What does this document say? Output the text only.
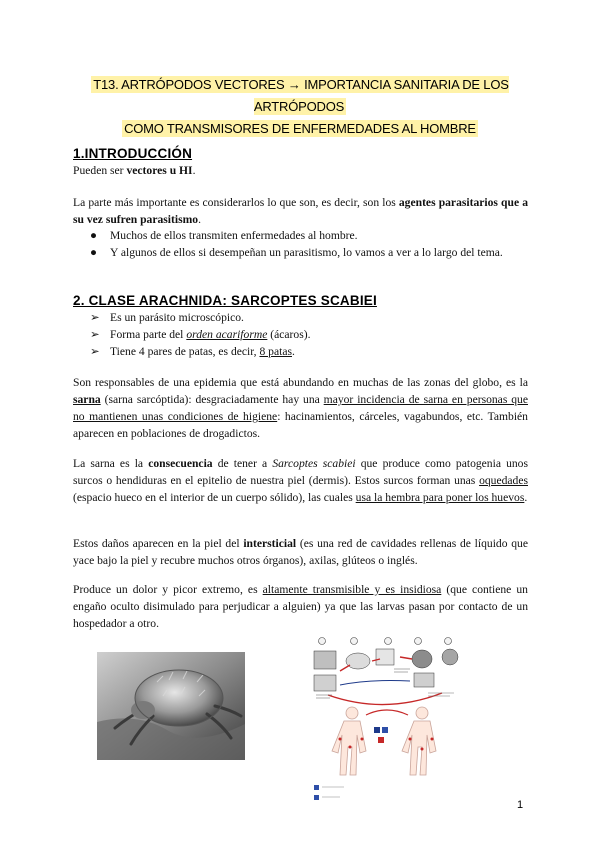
T13. ARTRÓPODOS VECTORES → IMPORTANCIA SANITARIA DE LOS ARTRÓPODOS
COMO TRANSMISORES DE ENFERMEDADES AL HOMBRE
1.INTRODUCCIÓN
Pueden ser vectores u HI.
La parte más importante es considerarlos lo que son, es decir, son los agentes parasitarios que a su vez sufren parasitismo.
● Muchos de ellos transmiten enfermedades al hombre.
● Y algunos de ellos si desempeñan un parasitismo, lo vamos a ver a lo largo del tema.
2. CLASE ARACHNIDA: SARCOPTES SCABIEI
➢ Es un parásito microscópico.
➢ Forma parte del orden acariforme (ácaros).
➢ Tiene 4 pares de patas, es decir, 8 patas.
Son responsables de una epidemia que está abundando en muchas de las zonas del globo, es la sarna (sarna sarcóptida): desgraciadamente hay una mayor incidencia de sarna en personas que no mantienen unas condiciones de higiene: hacinamientos, cárceles, vagabundos, etc. También aparecen en poblaciones de drogadictos.
La sarna es la consecuencia de tener a Sarcoptes scabiei que produce como patogenia unos surcos o hendiduras en el epitelio de nuestra piel (dermis). Estos surcos forman unas oquedades (espacio hueco en el interior de un cuerpo sólido), las cuales usa la hembra para poner los huevos.
Estos daños aparecen en la piel del intersticial (es una red de cavidades rellenas de líquido que yace bajo la piel y recubre muchos otros órganos), axilas, glúteos o inglés.
Produce un dolor y picor extremo, es altamente transmisible y es insidiosa (que contiene un engaño oculto disimulado para perjudicar a alguien) ya que las larvas pasan por contacto de un hospedador a otro.
1
